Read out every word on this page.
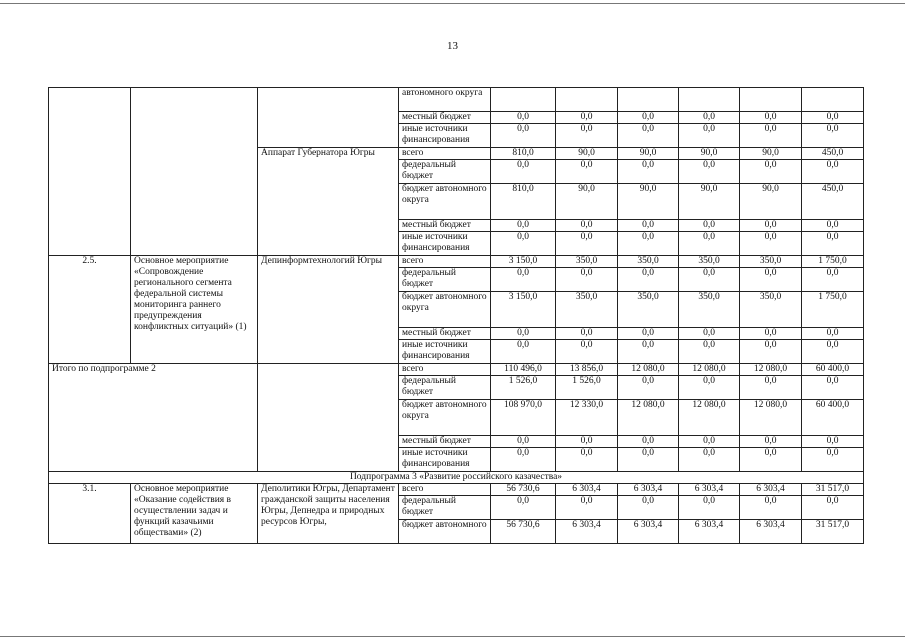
13
			автономного округа						
			местный бюджет	0,0	0,0	0,0	0,0	0,0	0,0
			иные источники финансирования	0,0	0,0	0,0	0,0	0,0	0,0
		Аппарат Губернатора Югры	всего	810,0	90,0	90,0	90,0	90,0	450,0
			федеральный бюджет	0,0	0,0	0,0	0,0	0,0	0,0
			бюджет автономного округа	810,0	90,0	90,0	90,0	90,0	450,0
			местный бюджет	0,0	0,0	0,0	0,0	0,0	0,0
			иные источники финансирования	0,0	0,0	0,0	0,0	0,0	0,0
2.5.	Основное мероприятие «Сопровождение регионального сегмента федеральной системы мониторинга раннего предупреждения конфликтных ситуаций» (1)	Депинформтехнологий Югры	всего	3 150,0	350,0	350,0	350,0	350,0	1 750,0
			федеральный бюджет	0,0	0,0	0,0	0,0	0,0	0,0
			бюджет автономного округа	3 150,0	350,0	350,0	350,0	350,0	1 750,0
			местный бюджет	0,0	0,0	0,0	0,0	0,0	0,0
			иные источники финансирования	0,0	0,0	0,0	0,0	0,0	0,0
Итого по подпрограмме 2			всего	110 496,0	13 856,0	12 080,0	12 080,0	12 080,0	60 400,0
			федеральный бюджет	1 526,0	1 526,0	0,0	0,0	0,0	0,0
			бюджет автономного округа	108 970,0	12 330,0	12 080,0	12 080,0	12 080,0	60 400,0
			местный бюджет	0,0	0,0	0,0	0,0	0,0	0,0
			иные источники финансирования	0,0	0,0	0,0	0,0	0,0	0,0
Подпрограмма 3 «Развитие российского казачества»									
3.1.	Основное мероприятие «Оказание содействия в осуществлении задач и функций казачьими обществами» (2)	Деполитики Югры, Департамент гражданской защиты населения Югры, Депнедра и природных ресурсов Югры,	всего	56 730,6	6 303,4	6 303,4	6 303,4	6 303,4	31 517,0
			федеральный бюджет	0,0	0,0	0,0	0,0	0,0	0,0
			бюджет автономного	56 730,6	6 303,4	6 303,4	6 303,4	6 303,4	31 517,0
